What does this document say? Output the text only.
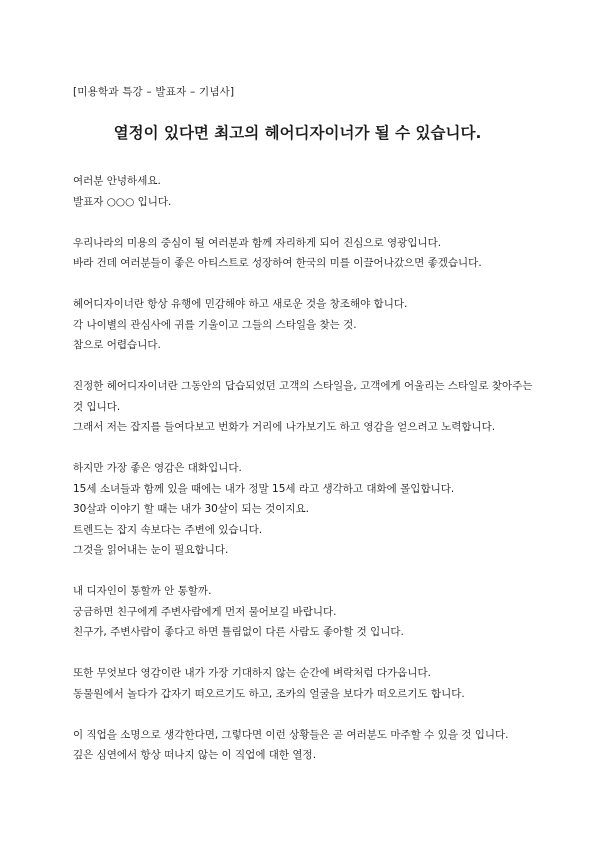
[미용학과 특강 – 발표자 – 기념사]
열정이 있다면 최고의 헤어디자이너가 될 수 있습니다.
여러분 안녕하세요.
발표자 ○○○ 입니다.
우리나라의 미용의 중심이 될 여러분과 함께 자리하게 되어 진심으로 영광입니다.
바라 건데 여러분들이 좋은 아티스트로 성장하여 한국의 미를 이끌어나갔으면 좋겠습니다.
헤어디자이너란 항상 유행에 민감해야 하고 새로운 것을 창조해야 합니다.
각 나이별의 관심사에 귀를 기울이고 그들의 스타일을 찾는 것.
참으로 어렵습니다.
진정한 헤어디자이너란 그동안의 답습되었던 고객의 스타일을, 고객에게 어울리는 스타일로 찾아주는것 입니다.
그래서 저는 잡지를 들여다보고 번화가 거리에 나가보기도 하고 영감을 얻으려고 노력합니다.
하지만 가장 좋은 영감은 대화입니다.
15세 소녀들과 함께 있을 때에는 내가 정말 15세 라고 생각하고 대화에 몰입합니다.
30살과 이야기 할 때는 내가 30살이 되는 것이지요.
트렌드는 잡지 속보다는 주변에 있습니다.
그것을 읽어내는 눈이 필요합니다.
내 디자인이 통할까 안 통할까.
궁금하면 친구에게 주변사람에게 먼저 물어보길 바랍니다.
친구가, 주변사람이 좋다고 하면 틀림없이 다른 사람도 좋아할 것 입니다.
또한 무엇보다 영감이란 내가 가장 기대하지 않는 순간에 벼락처럼 다가옵니다.
동물원에서 놀다가 갑자기 떠오르기도 하고, 조카의 얼굴을 보다가 떠오르기도 합니다.
이 직업을 소명으로 생각한다면, 그렇다면 이런 상황들은 곧 여러분도 마주할 수 있을 것 입니다.
깊은 심연에서 항상 떠나지 않는 이 직업에 대한 열정.
